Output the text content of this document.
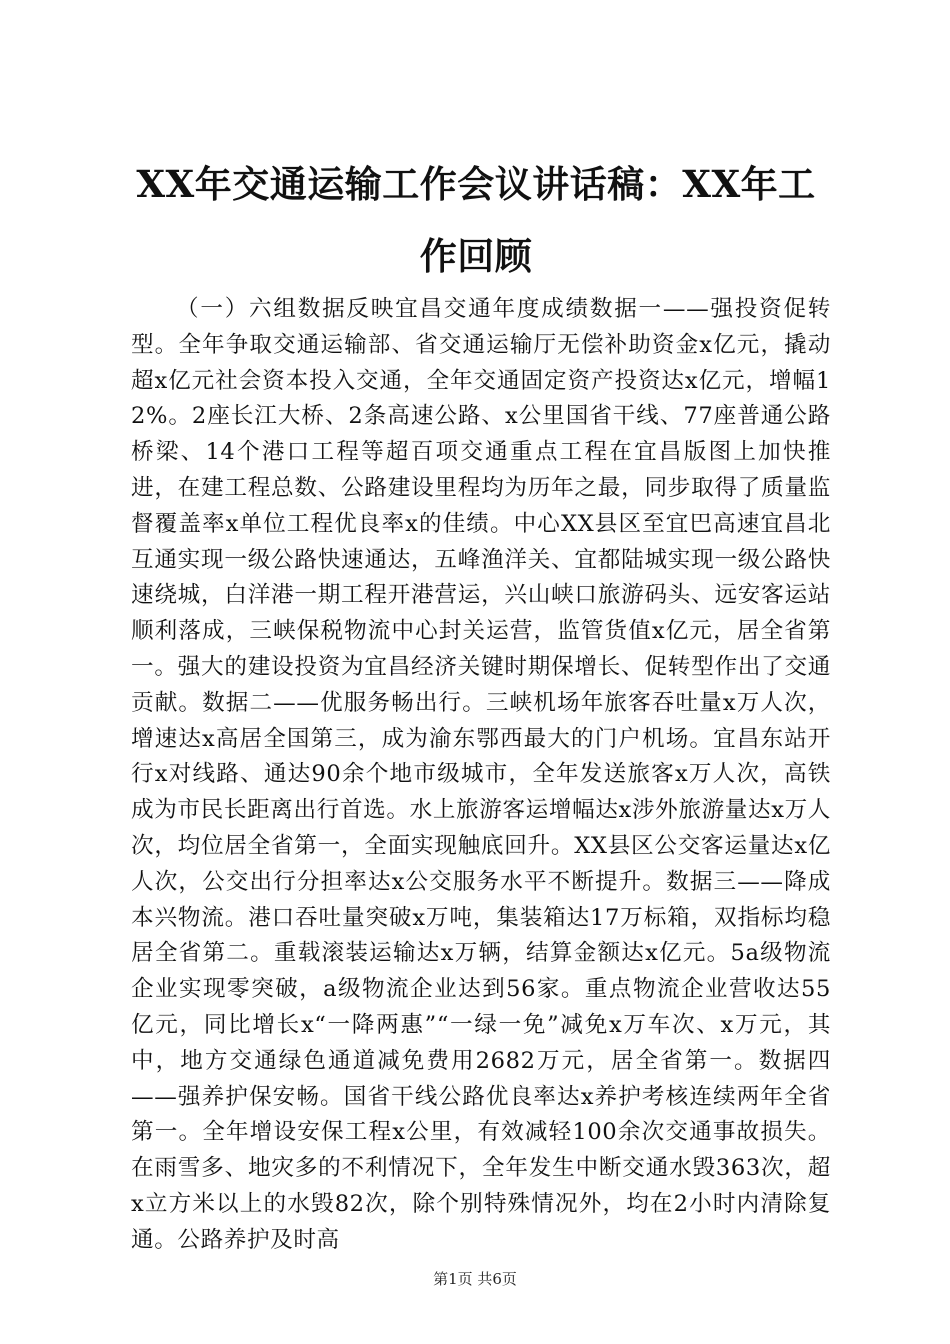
XX年交通运输工作会议讲话稿：XX年工作回顾

（一）六组数据反映宜昌交通年度成绩数据一——强投资促转型。全年争取交通运输部、省交通运输厅无偿补助资金x亿元，撬动超x亿元社会资本投入交通，全年交通固定资产投资达x亿元，增幅12%。2座长江大桥、2条高速公路、x公里国省干线、77座普通公路桥梁、14个港口工程等超百项交通重点工程在宜昌版图上加快推进，在建工程总数、公路建设里程均为历年之最，同步取得了质量监督覆盖率x单位工程优良率x的佳绩。中心XX县区至宜巴高速宜昌北互通实现一级公路快速通达，五峰渔洋关、宜都陆城实现一级公路快速绕城，白洋港一期工程开港营运，兴山峡口旅游码头、远安客运站顺利落成，三峡保税物流中心封关运营，监管货值x亿元，居全省第一。强大的建设投资为宜昌经济关键时期保增长、促转型作出了交通贡献。数据二——优服务畅出行。三峡机场年旅客吞吐量x万人次，增速达x高居全国第三，成为渝东鄂西最大的门户机场。宜昌东站开行x对线路、通达90余个地市级城市，全年发送旅客x万人次，高铁成为市民长距离出行首选。水上旅游客运增幅达x涉外旅游量达x万人次，均位居全省第一，全面实现触底回升。XX县区公交客运量达x亿人次，公交出行分担率达x公交服务水平不断提升。数据三——降成本兴物流。港口吞吐量突破x万吨，集装箱达17万标箱，双指标均稳居全省第二。重载滚装运输达x万辆，结算金额达x亿元。5a级物流企业实现零突破，a级物流企业达到56家。重点物流企业营收达55亿元，同比增长x“一降两惠”“一绿一免”减免x万车次、x万元，其中，地方交通绿色通道减免费用2682万元，居全省第一。数据四——强养护保安畅。国省干线公路优良率达x养护考核连续两年全省第一。全年增设安保工程x公里，有效减轻100余次交通事故损失。在雨雪多、地灾多的不利情况下，全年发生中断交通水毁363次，超x立方米以上的水毁82次，除个别特殊情况外，均在2小时内清除复通。公路养护及时高

第1页 共6页
